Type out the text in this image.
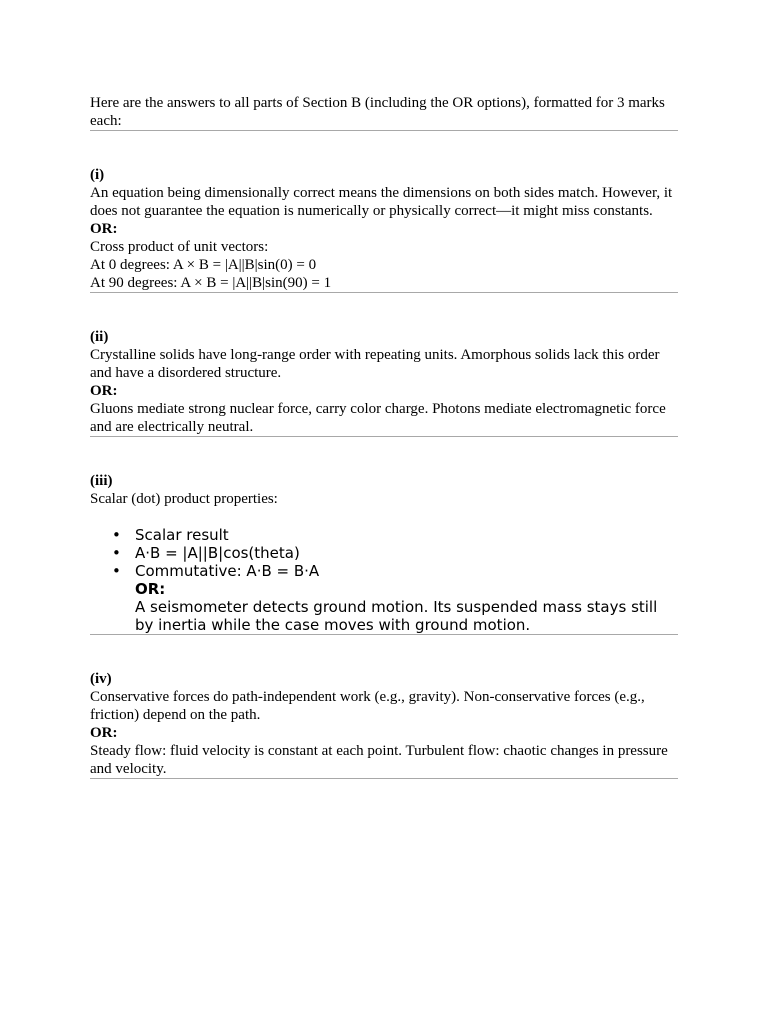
Here are the answers to all parts of Section B (including the OR options), formatted for 3 marks each:

(i)

An equation being dimensionally correct means the dimensions on both sides match. However, it does not guarantee the equation is numerically or physically correct—it might miss constants.

OR:

Cross product of unit vectors:

At 0 degrees: A × B = |A||B|sin(0) = 0

At 90 degrees: A × B = |A||B|sin(90) = 1

(ii)

Crystalline solids have long-range order with repeating units. Amorphous solids lack this order and have a disordered structure.

OR:

Gluons mediate strong nuclear force, carry color charge. Photons mediate electromagnetic force and are electrically neutral.

(iii)

Scalar (dot) product properties:

• Scalar result
• A·B = |A||B|cos(theta)
• Commutative: A·B = B·A
OR:
A seismometer detects ground motion. Its suspended mass stays still by inertia while the case moves with ground motion.

(iv)

Conservative forces do path-independent work (e.g., gravity). Non-conservative forces (e.g., friction) depend on the path.

OR:

Steady flow: fluid velocity is constant at each point. Turbulent flow: chaotic changes in pressure and velocity.
